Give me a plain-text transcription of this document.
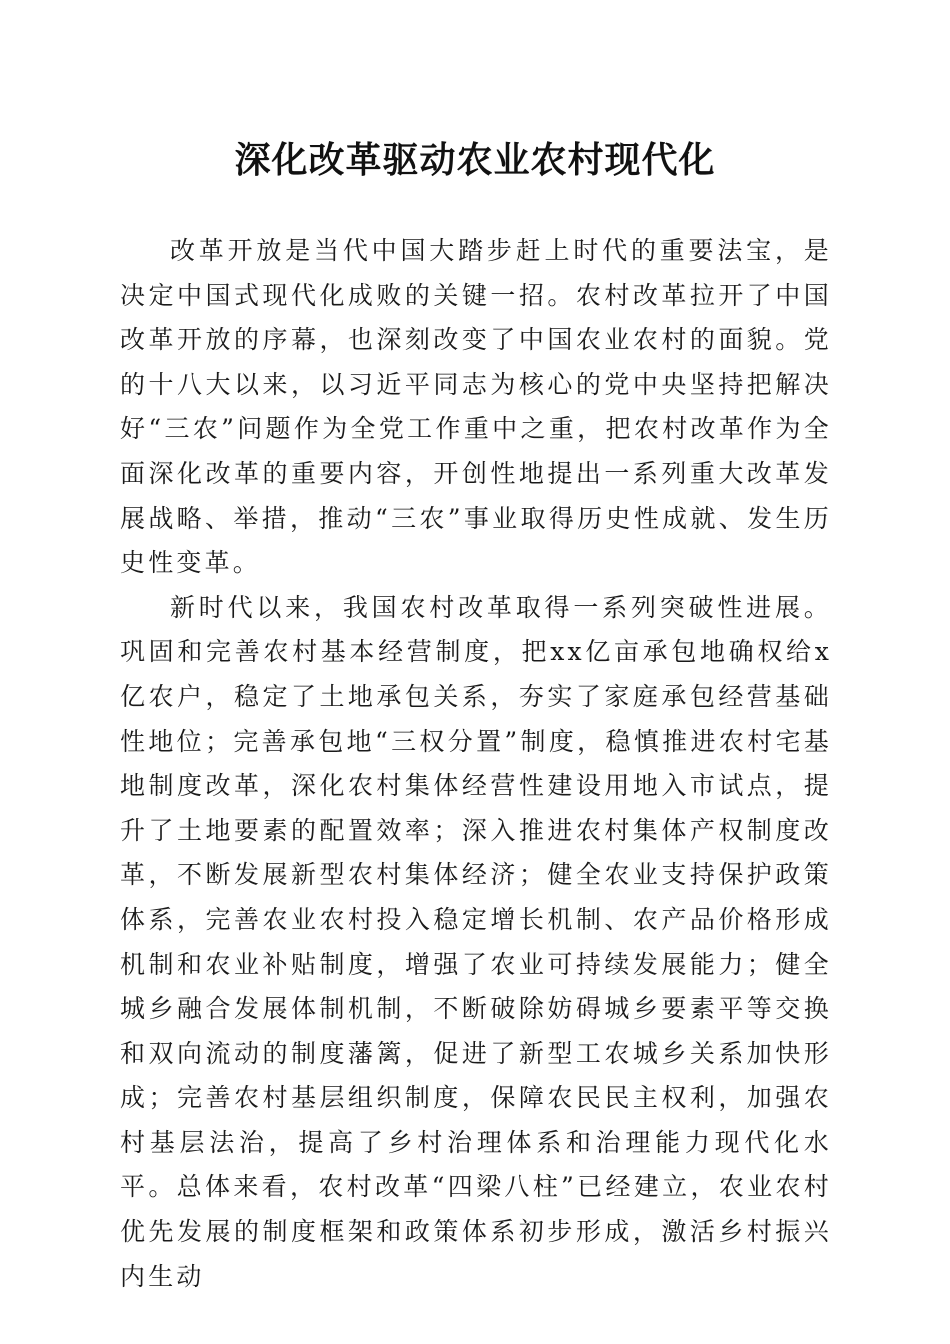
深化改革驱动农业农村现代化

改革开放是当代中国大踏步赶上时代的重要法宝，是决定中国式现代化成败的关键一招。农村改革拉开了中国改革开放的序幕，也深刻改变了中国农业农村的面貌。党的十八大以来，以习近平同志为核心的党中央坚持把解决好“三农”问题作为全党工作重中之重，把农村改革作为全面深化改革的重要内容，开创性地提出一系列重大改革发展战略、举措，推动“三农”事业取得历史性成就、发生历史性变革。

新时代以来，我国农村改革取得一系列突破性进展。巩固和完善农村基本经营制度，把xx亿亩承包地确权给x亿农户，稳定了土地承包关系，夯实了家庭承包经营基础性地位；完善承包地“三权分置”制度，稳慎推进农村宅基地制度改革，深化农村集体经营性建设用地入市试点，提升了土地要素的配置效率；深入推进农村集体产权制度改革，不断发展新型农村集体经济；健全农业支持保护政策体系，完善农业农村投入稳定增长机制、农产品价格形成机制和农业补贴制度，增强了农业可持续发展能力；健全城乡融合发展体制机制，不断破除妨碍城乡要素平等交换和双向流动的制度藩篱，促进了新型工农城乡关系加快形成；完善农村基层组织制度，保障农民民主权利，加强农村基层法治，提高了乡村治理体系和治理能力现代化水平。总体来看，农村改革“四梁八柱”已经建立，农业农村优先发展的制度框架和政策体系初步形成，激活乡村振兴内生动
